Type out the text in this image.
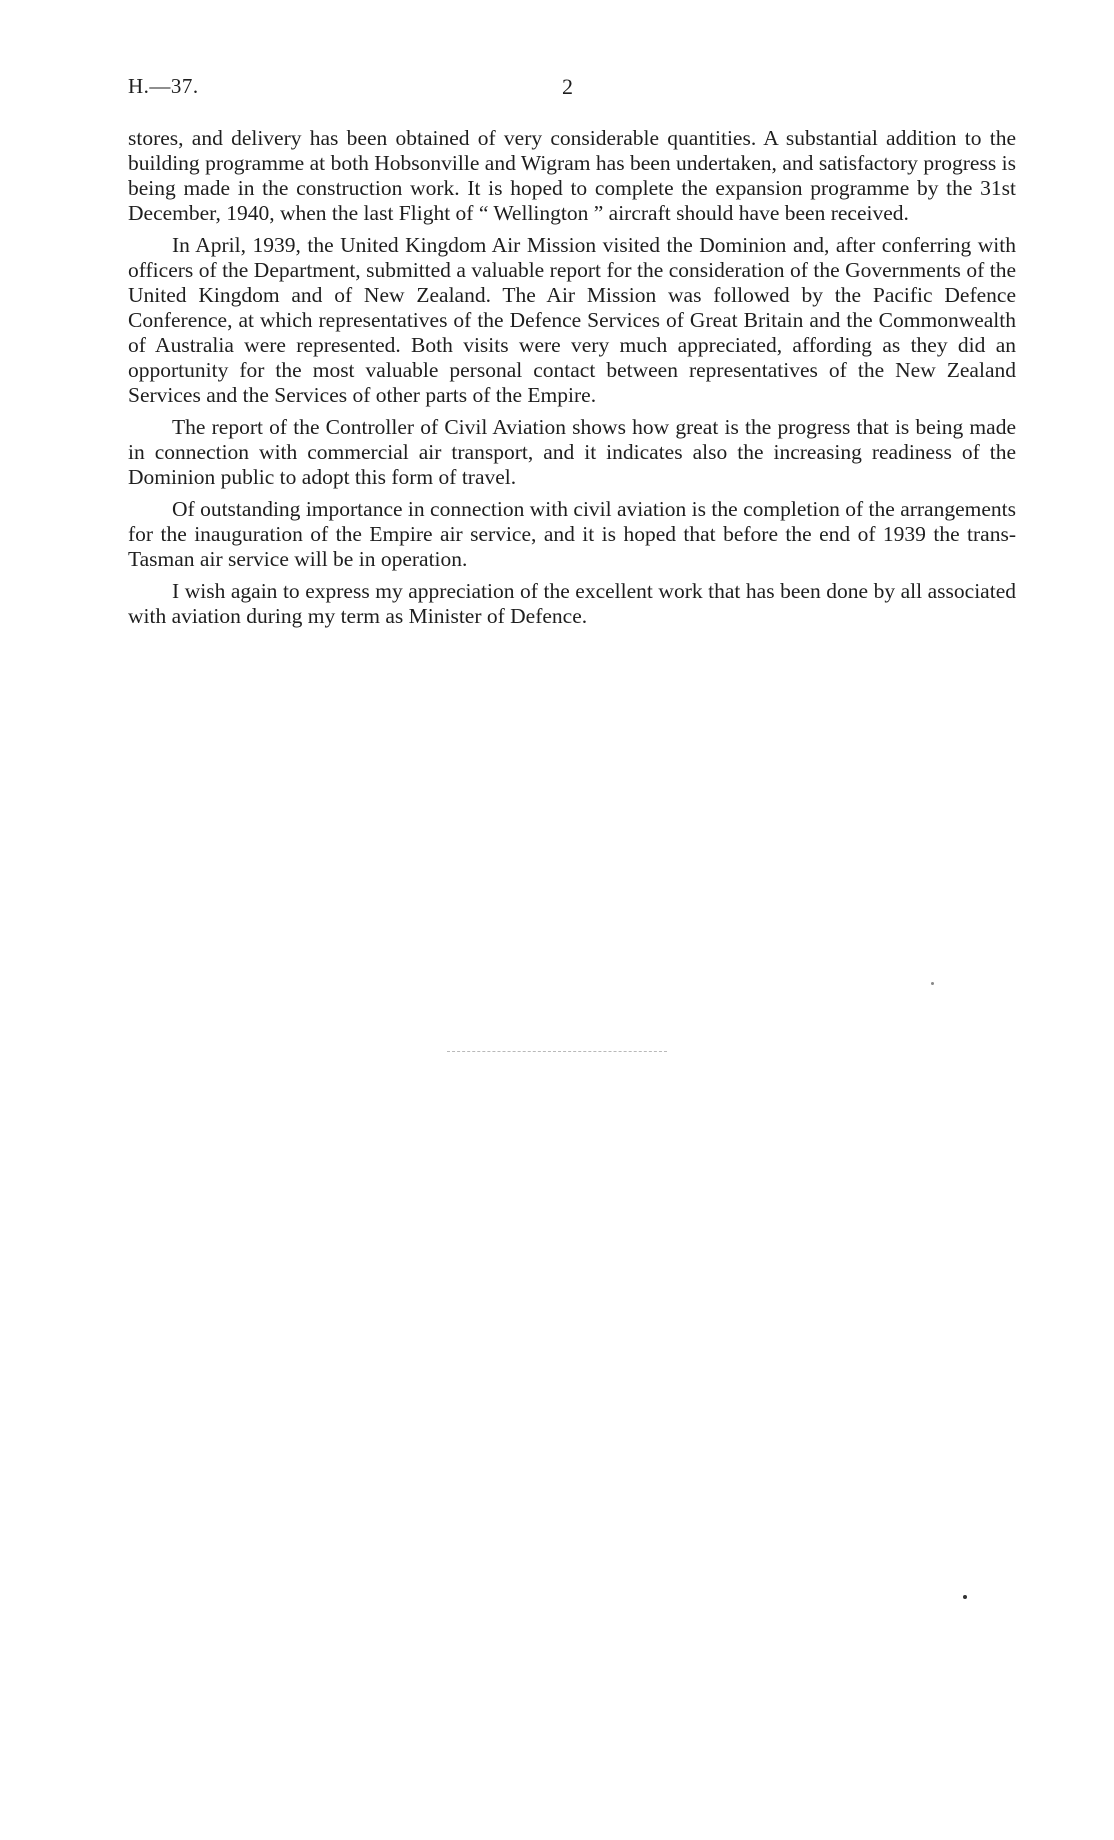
H.—37.	2

stores, and delivery has been obtained of very considerable quantities. A substantial addition to the building programme at both Hobsonville and Wigram has been undertaken, and satisfactory progress is being made in the construction work. It is hoped to complete the expansion programme by the 31st December, 1940, when the last Flight of “ Wellington ” aircraft should have been received.

In April, 1939, the United Kingdom Air Mission visited the Dominion and, after conferring with officers of the Department, submitted a valuable report for the consideration of the Governments of the United Kingdom and of New Zealand. The Air Mission was followed by the Pacific Defence Conference, at which representatives of the Defence Services of Great Britain and the Commonwealth of Australia were represented. Both visits were very much appreciated, affording as they did an opportunity for the most valuable personal contact between representatives of the New Zealand Services and the Services of other parts of the Empire.

The report of the Controller of Civil Aviation shows how great is the progress that is being made in connection with commercial air transport, and it indicates also the increasing readiness of the Dominion public to adopt this form of travel.

Of outstanding importance in connection with civil aviation is the completion of the arrangements for the inauguration of the Empire air service, and it is hoped that before the end of 1939 the trans-Tasman air service will be in operation.

I wish again to express my appreciation of the excellent work that has been done by all associated with aviation during my term as Minister of Defence.
